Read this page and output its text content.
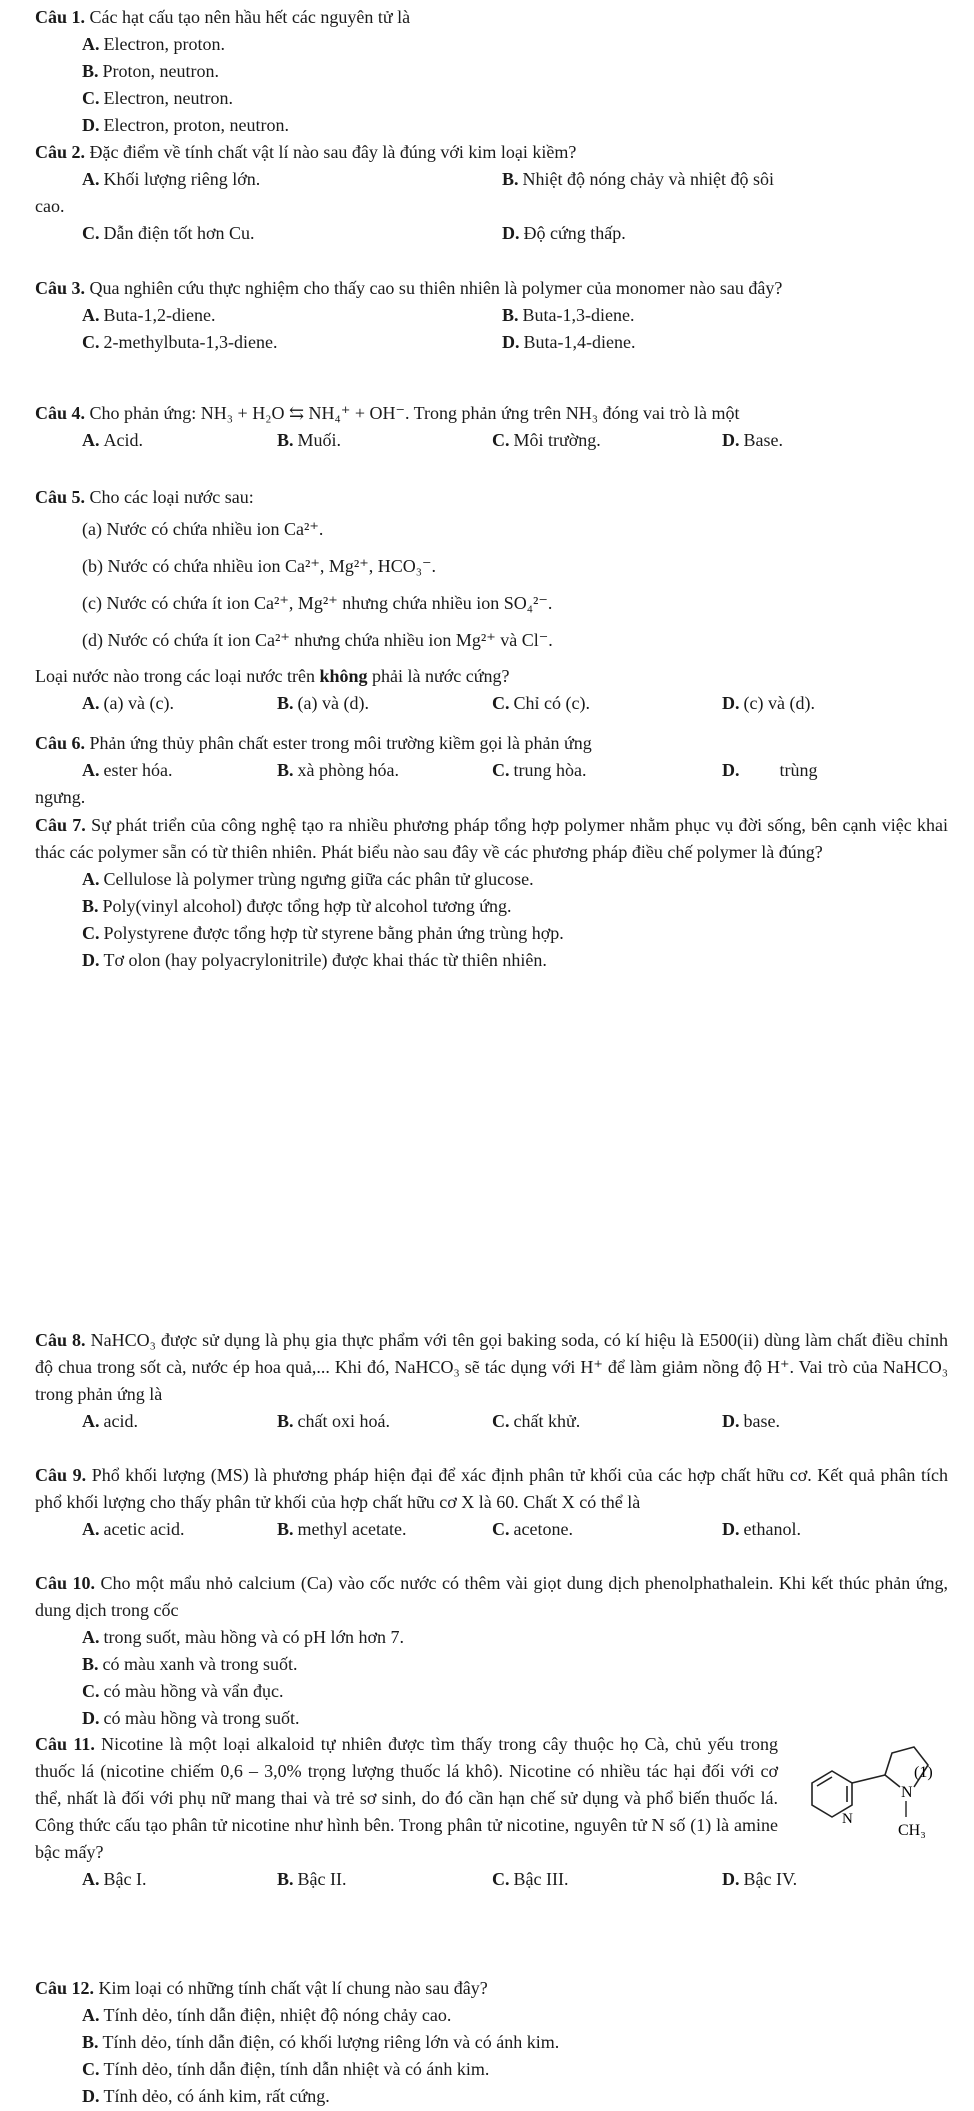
Câu 1. Các hạt cấu tạo nên hầu hết các nguyên tử là

A. Electron, proton.
B. Proton, neutron.
C. Electron, neutron.
D. Electron, proton, neutron.

Câu 2. Đặc điểm về tính chất vật lí nào sau đây là đúng với kim loại kiềm?

A. Khối lượng riêng lớn.	B. Nhiệt độ nóng chảy và nhiệt độ sôi
cao.
C. Dẫn điện tốt hơn Cu.	D. Độ cứng thấp.

Câu 3. Qua nghiên cứu thực nghiệm cho thấy cao su thiên nhiên là polymer của monomer nào sau đây?

A. Buta-1,2-diene.	B. Buta-1,3-diene.
C. 2-methylbuta-1,3-diene.	D. Buta-1,4-diene.

Câu 4. Cho phản ứng: NH₃ + H₂O ⇆ NH₄⁺ + OH⁻. Trong phản ứng trên NH₃ đóng vai trò là một

A. Acid.	B. Muối.	C. Môi trường.	D. Base.

Câu 5. Cho các loại nước sau:

(a) Nước có chứa nhiều ion Ca²⁺.
(b) Nước có chứa nhiều ion Ca²⁺, Mg²⁺, HCO₃⁻.
(c) Nước có chứa ít ion Ca²⁺, Mg²⁺ nhưng chứa nhiều ion SO₄²⁻.
(d) Nước có chứa ít ion Ca²⁺ nhưng chứa nhiều ion Mg²⁺ và Cl⁻.

Loại nước nào trong các loại nước trên không phải là nước cứng?

A. (a) và (c).	B. (a) và (d).	C. Chỉ có (c).	D. (c) và (d).

Câu 6. Phản ứng thủy phân chất ester trong môi trường kiềm gọi là phản ứng

A. ester hóa.	B. xà phòng hóa.	C. trung hòa.	D. trùng
ngưng.

Câu 7. Sự phát triển của công nghệ tạo ra nhiều phương pháp tổng hợp polymer nhằm phục vụ đời sống, bên cạnh việc khai thác các polymer sẵn có từ thiên nhiên. Phát biểu nào sau đây về các phương pháp điều chế polymer là đúng?

A. Cellulose là polymer trùng ngưng giữa các phân tử glucose.
B. Poly(vinyl alcohol) được tổng hợp từ alcohol tương ứng.
C. Polystyrene được tổng hợp từ styrene bằng phản ứng trùng hợp.
D. Tơ olon (hay polyacrylonitrile) được khai thác từ thiên nhiên.

Câu 8. NaHCO₃ được sử dụng là phụ gia thực phẩm với tên gọi baking soda, có kí hiệu là E500(ii) dùng làm chất điều chỉnh độ chua trong sốt cà, nước ép hoa quả,... Khi đó, NaHCO₃ sẽ tác dụng với H⁺ để làm giảm nồng độ H⁺. Vai trò của NaHCO₃ trong phản ứng là

A. acid.	B. chất oxi hoá.	C. chất khử.	D. base.

Câu 9. Phổ khối lượng (MS) là phương pháp hiện đại để xác định phân tử khối của các hợp chất hữu cơ. Kết quả phân tích phổ khối lượng cho thấy phân tử khối của hợp chất hữu cơ X là 60. Chất X có thể là

A. acetic acid.	B. methyl acetate.	C. acetone.	D. ethanol.

Câu 10. Cho một mẩu nhỏ calcium (Ca) vào cốc nước có thêm vài giọt dung dịch phenolphathalein. Khi kết thúc phản ứng, dung dịch trong cốc

A. trong suốt, màu hồng và có pH lớn hơn 7.
B. có màu xanh và trong suốt.
C. có màu hồng và vẩn đục.
D. có màu hồng và trong suốt.

Câu 11. Nicotine là một loại alkaloid tự nhiên được tìm thấy trong cây thuộc họ Cà, chủ yếu trong thuốc lá (nicotine chiếm 0,6 – 3,0% trọng lượng thuốc lá khô). Nicotine có nhiều tác hại đối với cơ thể, nhất là đối với phụ nữ mang thai và trẻ sơ sinh, do đó cần hạn chế sử dụng và phổ biến thuốc lá. Công thức cấu tạo phân tử nicotine như hình bên. Trong phân tử nicotine, nguyên tử N số (1) là amine bậc mấy?

(1)
N
CH₃
N
A. Bậc I.	B. Bậc II.	C. Bậc III.	D. Bậc IV.

Câu 12. Kim loại có những tính chất vật lí chung nào sau đây?

A. Tính dẻo, tính dẫn điện, nhiệt độ nóng chảy cao.
B. Tính dẻo, tính dẫn điện, có khối lượng riêng lớn và có ánh kim.
C. Tính dẻo, tính dẫn điện, tính dẫn nhiệt và có ánh kim.
D. Tính dẻo, có ánh kim, rất cứng.
